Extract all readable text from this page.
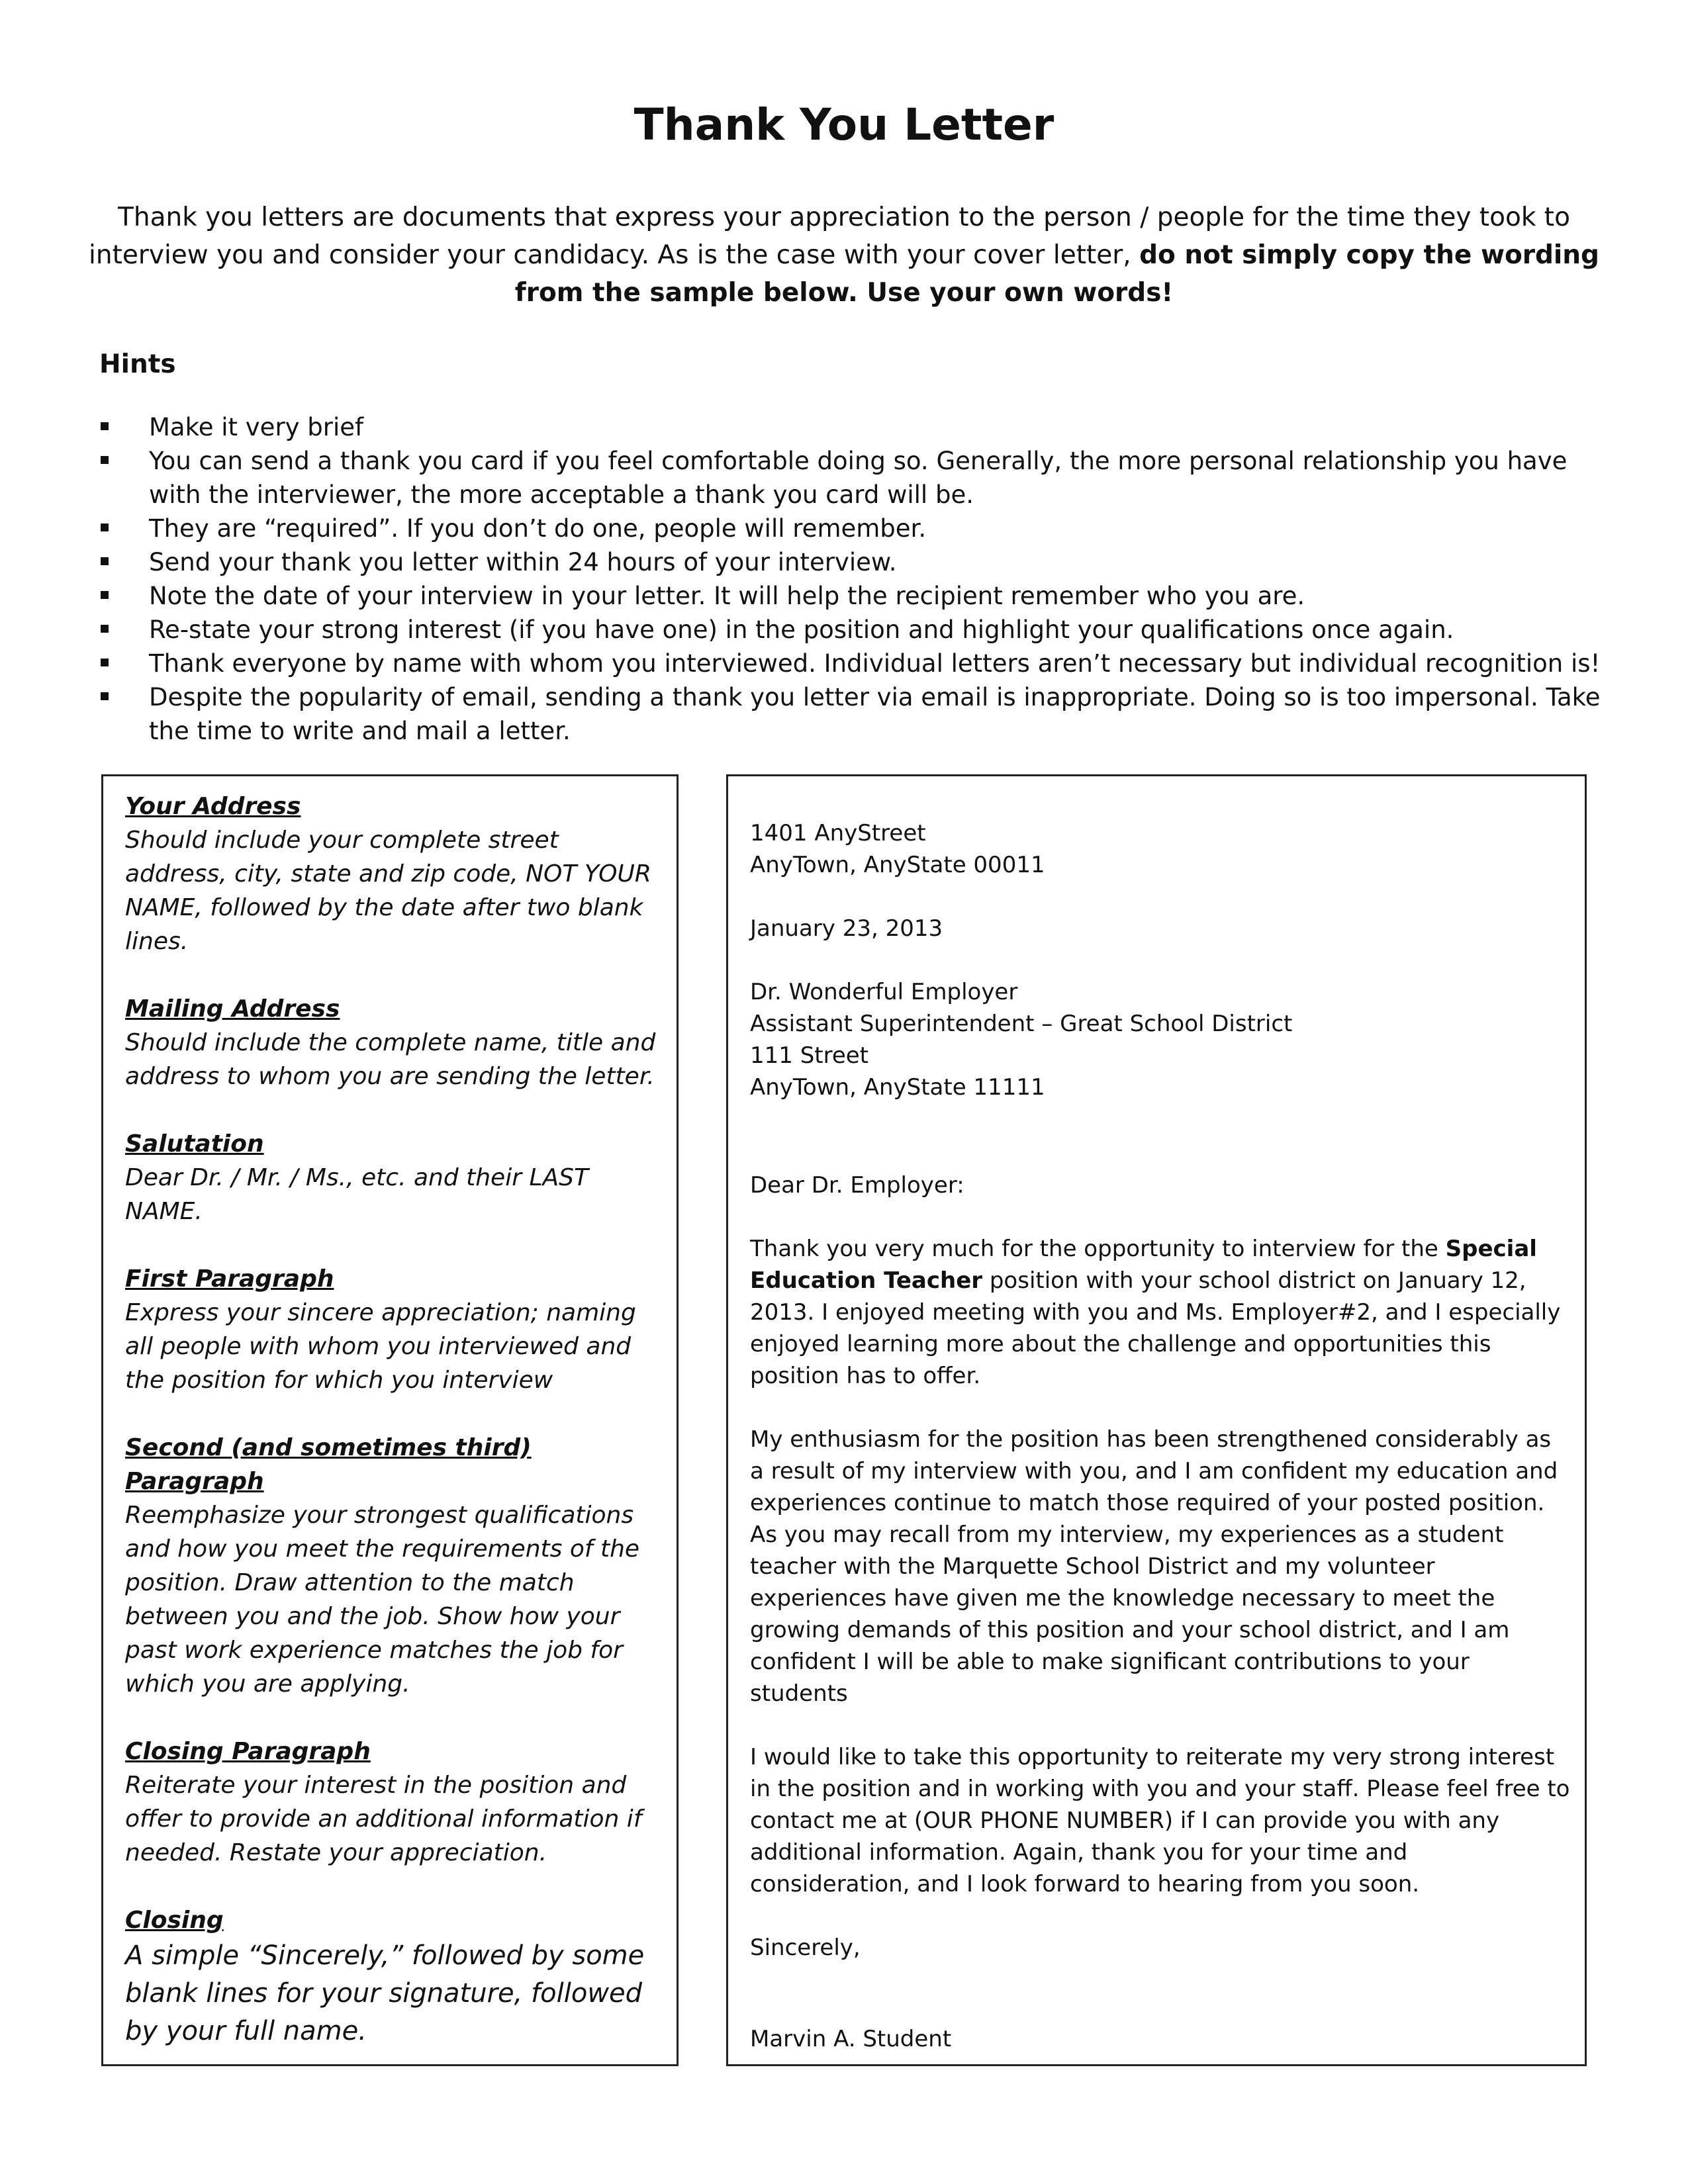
Thank You Letter
Thank you letters are documents that express your appreciation to the person / people for the time they took to interview you and consider your candidacy. As is the case with your cover letter, do not simply copy the wording from the sample below. Use your own words!
Hints
Make it very brief
You can send a thank you card if you feel comfortable doing so. Generally, the more personal relationship you have with the interviewer, the more acceptable a thank you card will be.
They are “required”. If you don’t do one, people will remember.
Send your thank you letter within 24 hours of your interview.
Note the date of your interview in your letter. It will help the recipient remember who you are.
Re-state your strong interest (if you have one) in the position and highlight your qualifications once again.
Thank everyone by name with whom you interviewed. Individual letters aren’t necessary but individual recognition is!
Despite the popularity of email, sending a thank you letter via email is inappropriate. Doing so is too impersonal. Take the time to write and mail a letter.
Your Address
Should include your complete street address, city, state and zip code, NOT YOUR NAME, followed by the date after two blank lines.
Mailing Address
Should include the complete name, title and address to whom you are sending the letter.
Salutation
Dear Dr. / Mr. / Ms., etc. and their LAST NAME.
First Paragraph
Express your sincere appreciation; naming all people with whom you interviewed and the position for which you interview
Second (and sometimes third) Paragraph
Reemphasize your strongest qualifications and how you meet the requirements of the position. Draw attention to the match between you and the job. Show how your past work experience matches the job for which you are applying.
Closing Paragraph
Reiterate your interest in the position and offer to provide an additional information if needed. Restate your appreciation.
Closing
A simple “Sincerely,” followed by some blank lines for your signature, followed by your full name.

1401 AnyStreet

AnyTown, AnyState 00011

January 23, 2013

Dr. Wonderful Employer

Assistant Superintendent – Great School District

111 Street

AnyTown, AnyState 11111

Dear Dr. Employer:

Thank you very much for the opportunity to interview for the Special Education Teacher position with your school district on January 12, 2013. I enjoyed meeting with you and Ms. Employer#2, and I especially enjoyed learning more about the challenge and opportunities this position has to offer.

My enthusiasm for the position has been strengthened considerably as a result of my interview with you, and I am confident my education and experiences continue to match those required of your posted position. As you may recall from my interview, my experiences as a student teacher with the Marquette School District and my volunteer experiences have given me the knowledge necessary to meet the growing demands of this position and your school district, and I am confident I will be able to make significant contributions to your students

I would like to take this opportunity to reiterate my very strong interest in the position and in working with you and your staff. Please feel free to contact me at (OUR PHONE NUMBER) if I can provide you with any additional information. Again, thank you for your time and consideration, and I look forward to hearing from you soon.

Sincerely,

Marvin A. Student
